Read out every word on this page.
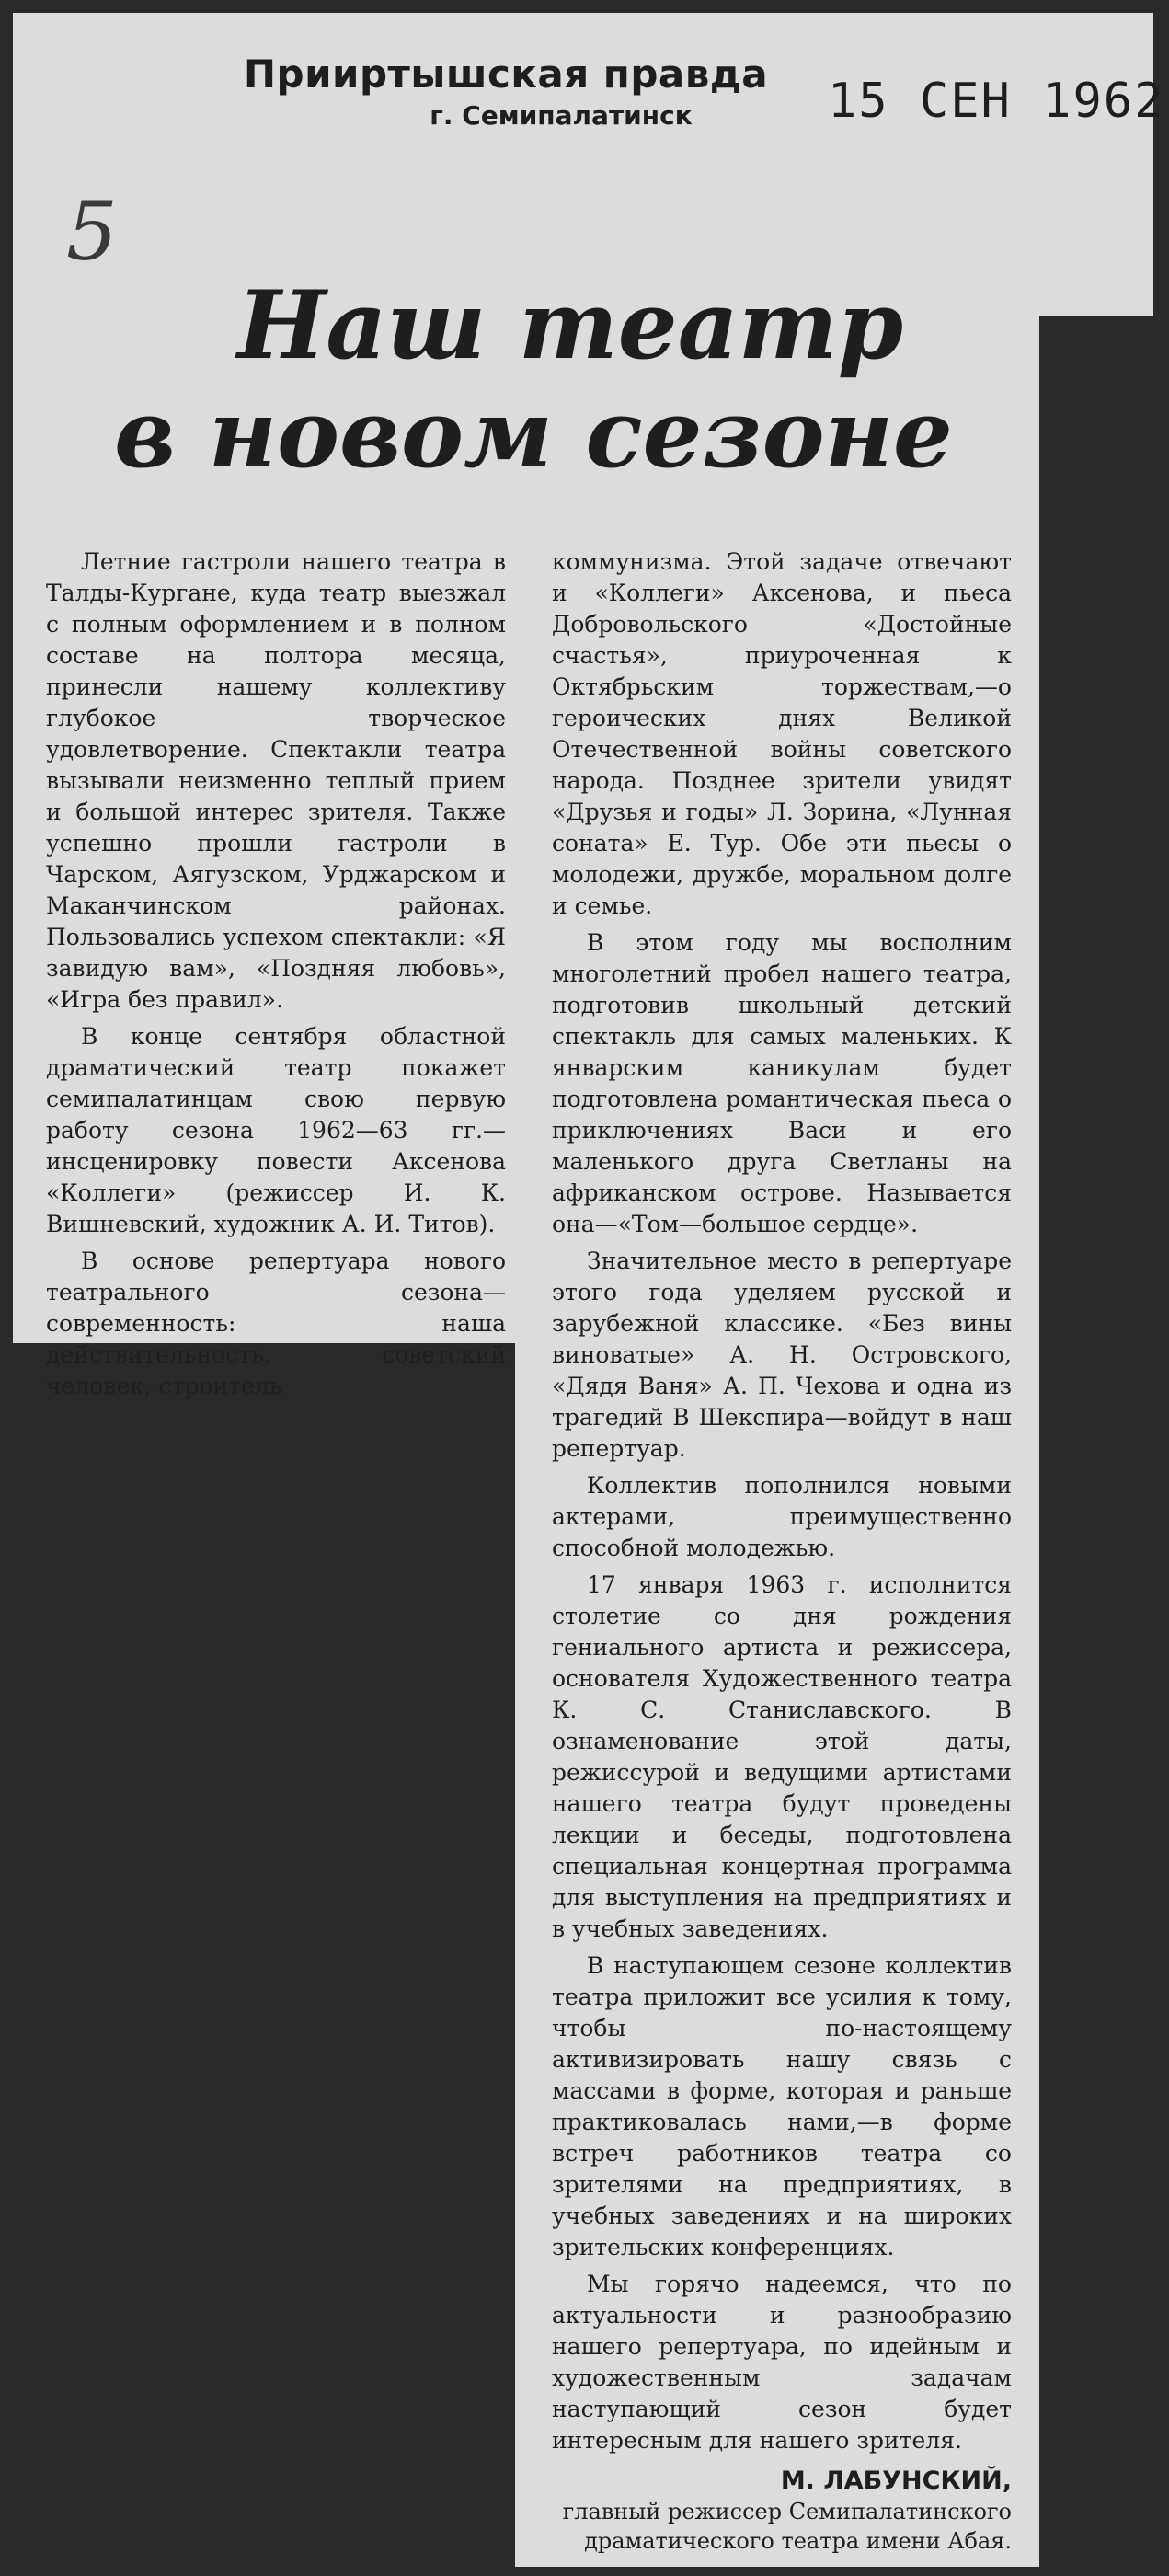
Прииртышская правда
г. Семипалатинск	15 СЕН 1962
5
Наш театр
в новом сезоне

Летние гастроли нашего театра в Талды-Кургане, куда театр выезжал с полным оформлением и в полном составе на полтора месяца, принесли нашему коллективу глубокое творческое удовлетворение. Спектакли театра вызывали неизменно теплый прием и большой интерес зрителя. Также успешно прошли гастроли в Чарском, Аягузском, Урджарском и Маканчинском районах. Пользовались успехом спектакли: «Я завидую вам», «Поздняя любовь», «Игра без правил».

В конце сентября областной драматический театр покажет семипалатинцам свою первую работу сезона 1962—63 гг.—инсценировку повести Аксенова «Коллеги» (режиссер И. К. Вишневский, художник А. И. Титов).

В основе репертуара нового театрального сезона—современность: наша действительность, советский человек, строитель

коммунизма. Этой задаче отвечают и «Коллеги» Аксенова, и пьеса Добровольского «Достойные счастья», приуроченная к Октябрьским торжествам,—о героических днях Великой Отечественной войны советского народа. Позднее зрители увидят «Друзья и годы» Л. Зорина, «Лунная соната» Е. Тур. Обе эти пьесы о молодежи, дружбе, моральном долге и семье.

В этом году мы восполним многолетний пробел нашего театра, подготовив школьный детский спектакль для самых маленьких. К январским каникулам будет подготовлена романтическая пьеса о приключениях Васи и его маленького друга Светланы на африканском острове. Называется она—«Том—большое сердце».

Значительное место в репертуаре этого года уделяем русской и зарубежной классике. «Без вины виноватые» А. Н. Островского, «Дядя Ваня» А. П. Чехова и одна из трагедий В Шекспира—войдут в наш репертуар.

Коллектив пополнился новыми актерами, преимущественно способной молодежью.

17 января 1963 г. исполнится столетие со дня рождения гениального артиста и режиссера, основателя Художественного театра К. С. Станиславского. В ознаменование этой даты, режиссурой и ведущими артистами нашего театра будут проведены лекции и беседы, подготовлена специальная концертная программа для выступления на предприятиях и в учебных заведениях.

В наступающем сезоне коллектив театра приложит все усилия к тому, чтобы по-настоящему активизировать нашу связь с массами в форме, которая и раньше практиковалась нами,—в форме встреч работников театра со зрителями на предприятиях, в учебных заведениях и на широких зрительских конференциях.

Мы горячо надеемся, что по актуальности и разнообразию нашего репертуара, по идейным и художественным задачам наступающий сезон будет интересным для нашего зрителя.

М. ЛАБУНСКИЙ,
главный режиссер Семипалатинского драматического театра имени Абая.
